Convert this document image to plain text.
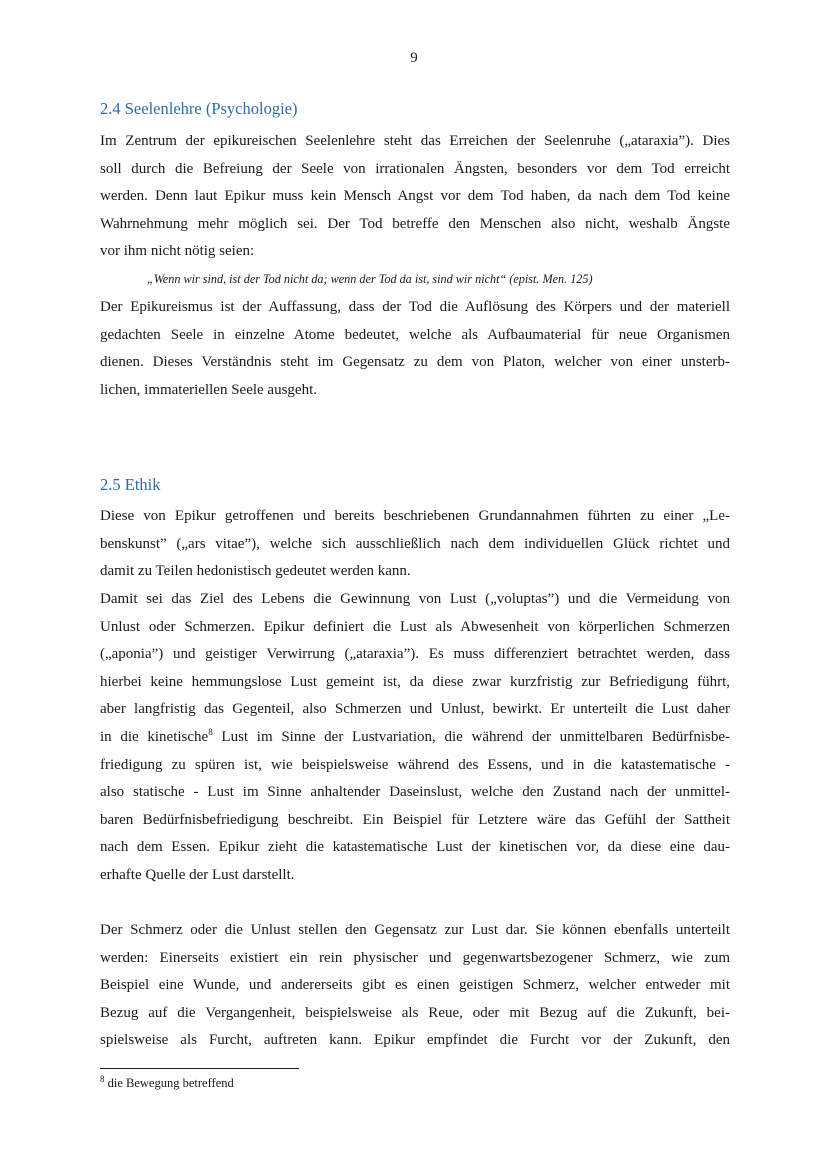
9
2.4 Seelenlehre (Psychologie)
Im Zentrum der epikureischen Seelenlehre steht das Erreichen der Seelenruhe („ataraxia”). Dies
soll durch die Befreiung der Seele von irrationalen Ängsten, besonders vor dem Tod erreicht
werden. Denn laut Epikur muss kein Mensch Angst vor dem Tod haben, da nach dem Tod keine
Wahrnehmung mehr möglich sei. Der Tod betreffe den Menschen also nicht, weshalb Ängste
vor ihm nicht nötig seien:
„Wenn wir sind, ist der Tod nicht da; wenn der Tod da ist, sind wir nicht“ (epist. Men. 125)
Der Epikureismus ist der Auffassung, dass der Tod die Auflösung des Körpers und der materiell
gedachten Seele in einzelne Atome bedeutet, welche als Aufbaumaterial für neue Organismen
dienen. Dieses Verständnis steht im Gegensatz zu dem von Platon, welcher von einer unsterb-
lichen, immateriellen Seele ausgeht.
2.5 Ethik
Diese von Epikur getroffenen und bereits beschriebenen Grundannahmen führten zu einer „Le-
benskunst” („ars vitae”), welche sich ausschließlich nach dem individuellen Glück richtet und
damit zu Teilen hedonistisch gedeutet werden kann.
Damit sei das Ziel des Lebens die Gewinnung von Lust („voluptas”) und die Vermeidung von
Unlust oder Schmerzen. Epikur definiert die Lust als Abwesenheit von körperlichen Schmerzen
(„aponia”) und geistiger Verwirrung („ataraxia”). Es muss differenziert betrachtet werden, dass
hierbei keine hemmungslose Lust gemeint ist, da diese zwar kurzfristig zur Befriedigung führt,
aber langfristig das Gegenteil, also Schmerzen und Unlust, bewirkt. Er unterteilt die Lust daher
in die kinetische$^8$ Lust im Sinne der Lustvariation, die während der unmittelbaren Bedürfnisbe-
friedigung zu spüren ist, wie beispielsweise während des Essens, und in die katastematische -
also statische - Lust im Sinne anhaltender Daseinslust, welche den Zustand nach der unmittel-
baren Bedürfnisbefriedigung beschreibt. Ein Beispiel für Letztere wäre das Gefühl der Sattheit
nach dem Essen. Epikur zieht die katastematische Lust der kinetischen vor, da diese eine dau-
erhafte Quelle der Lust darstellt.
Der Schmerz oder die Unlust stellen den Gegensatz zur Lust dar. Sie können ebenfalls unterteilt
werden: Einerseits existiert ein rein physischer und gegenwartsbezogener Schmerz, wie zum
Beispiel eine Wunde, und andererseits gibt es einen geistigen Schmerz, welcher entweder mit
Bezug auf die Vergangenheit, beispielsweise als Reue, oder mit Bezug auf die Zukunft, bei-
spielsweise als Furcht, auftreten kann. Epikur empfindet die Furcht vor der Zukunft, den
$^8$ die Bewegung betreffend
